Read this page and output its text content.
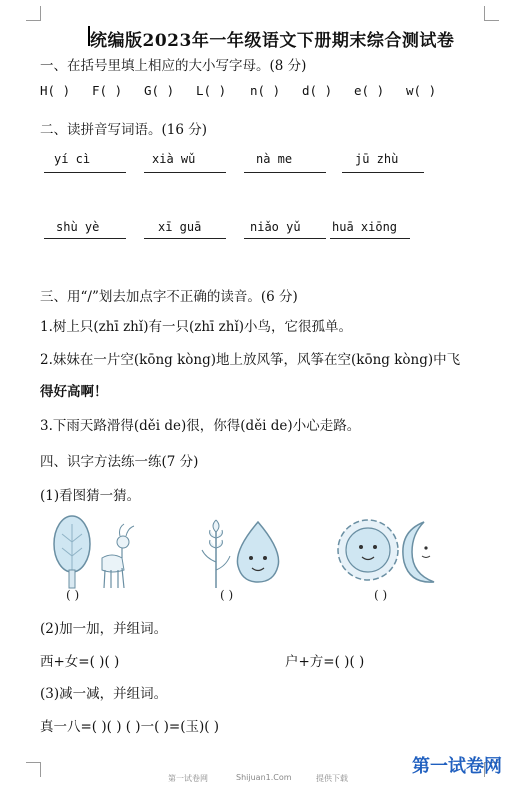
统编版2023年一年级语文下册期末综合测试卷
一、在括号里填上相应的大小写字母。(8 分)
H( ) F( ) G( ) L( ) n( ) d( ) e( ) w( )
二、读拼音写词语。(16 分)
yí cì	xià wǔ	nà me	jū zhù
shù yè	xī guā	niǎo yǔ	huā xiōng
三、用“/”划去加点字不正确的读音。(6 分)
1.树上只(zhī zhǐ)有一只(zhī zhǐ)小鸟，它很孤单。
2.妹妹在一片空(kōng kòng)地上放风筝，风筝在空(kōng kòng)中飞
得好高啊！
3.下雨天路滑得(děi de)很，你得(děi de)小心走路。
四、识字方法练一练(7 分)
(1)看图猜一猜。
( )	( )	( )
(2)加一加，并组词。
西+女=( )( )	户+方=( )( )
(3)减一减，并组词。
真一八=( )( ) ( )一( )=(玉)( )
第一试卷网	Shijuan1.Com	提供下载
第一试卷网
